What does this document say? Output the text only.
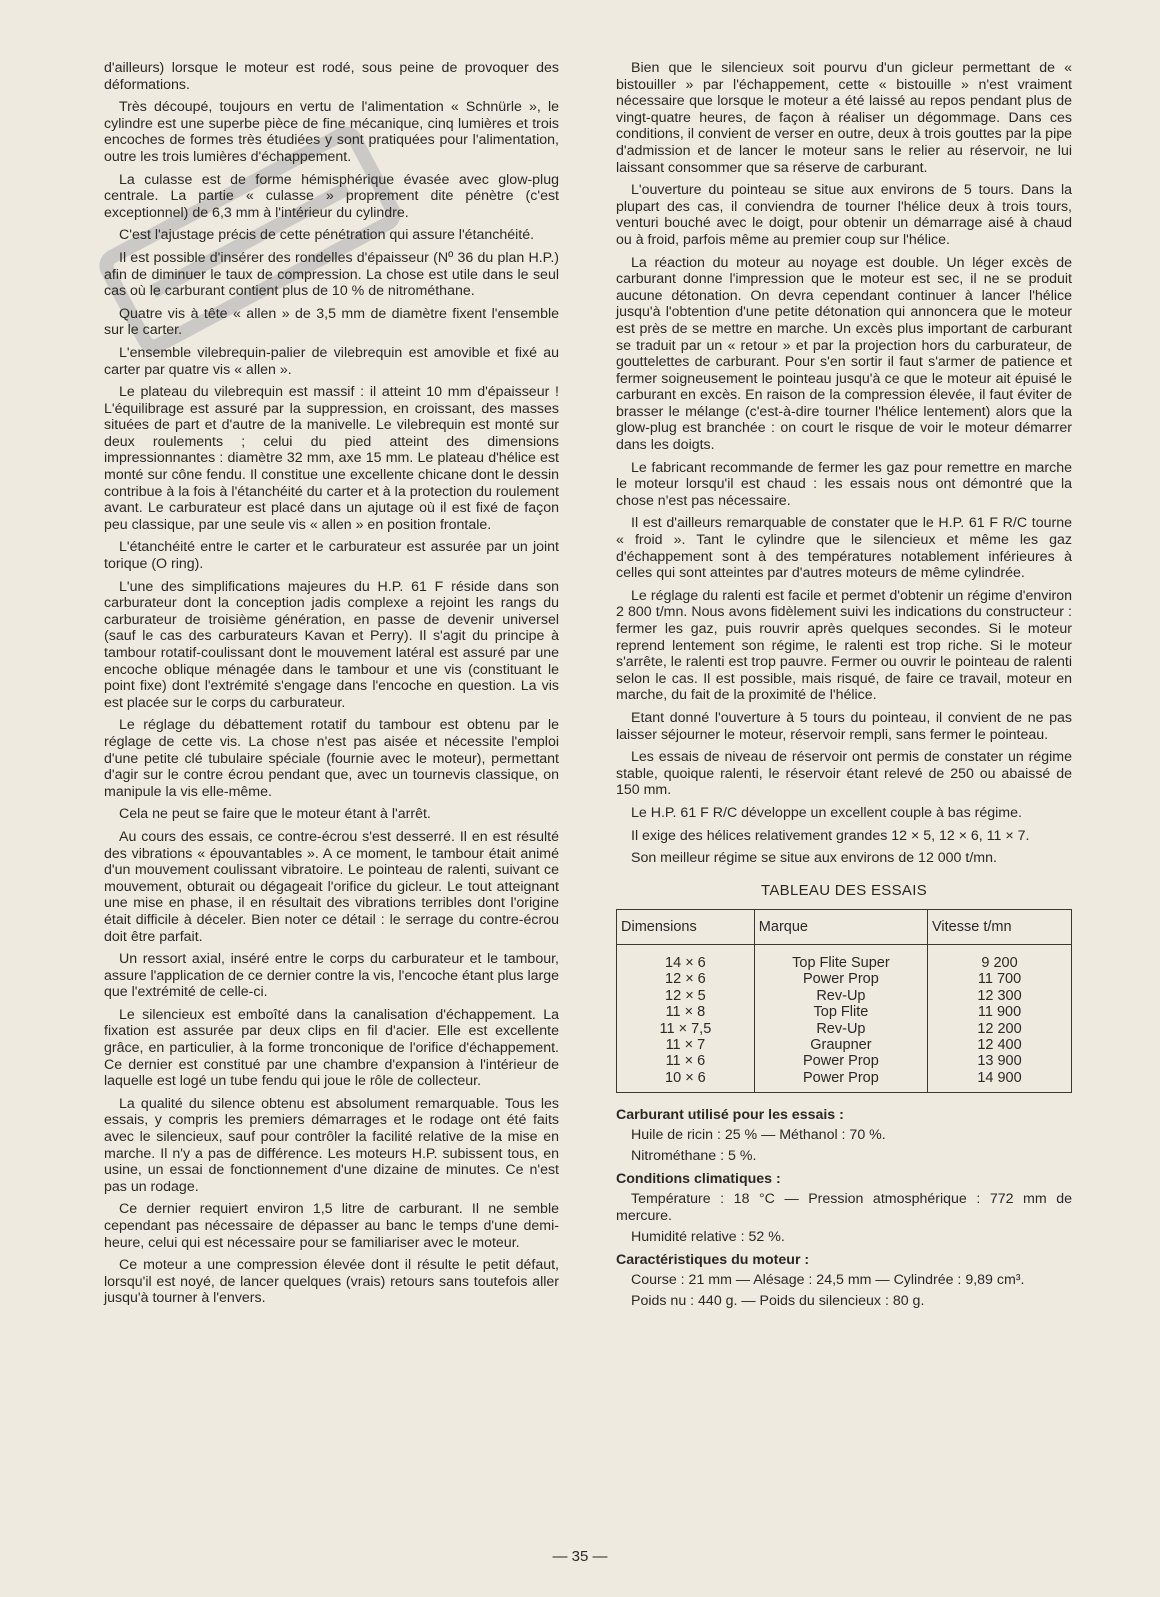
d'ailleurs) lorsque le moteur est rodé, sous peine de provoquer des déformations.

Très découpé, toujours en vertu de l'alimentation « Schnürle », le cylindre est une superbe pièce de fine mécanique, cinq lumières et trois encoches de formes très étudiées y sont pratiquées pour l'alimentation, outre les trois lumières d'échappement.

La culasse est de forme hémisphérique évasée avec glow-plug centrale. La partie « culasse » proprement dite pénètre (c'est exceptionnel) de 6,3 mm à l'intérieur du cylindre.

C'est l'ajustage précis de cette pénétration qui assure l'étanchéité.

Il est possible d'insérer des rondelles d'épaisseur (Nº 36 du plan H.P.) afin de diminuer le taux de compression. La chose est utile dans le seul cas où le carburant contient plus de 10 % de nitrométhane.

Quatre vis à tête « allen » de 3,5 mm de diamètre fixent l'ensemble sur le carter.

L'ensemble vilebrequin-palier de vilebrequin est amovible et fixé au carter par quatre vis « allen ».

Le plateau du vilebrequin est massif : il atteint 10 mm d'épaisseur ! L'équilibrage est assuré par la suppression, en croissant, des masses situées de part et d'autre de la manivelle. Le vilebrequin est monté sur deux roulements ; celui du pied atteint des dimensions impressionnantes : diamètre 32 mm, axe 15 mm. Le plateau d'hélice est monté sur cône fendu. Il constitue une excellente chicane dont le dessin contribue à la fois à l'étanchéité du carter et à la protection du roulement avant. Le carburateur est placé dans un ajutage où il est fixé de façon peu classique, par une seule vis « allen » en position frontale.

L'étanchéité entre le carter et le carburateur est assurée par un joint torique (O ring).

L'une des simplifications majeures du H.P. 61 F réside dans son carburateur dont la conception jadis complexe a rejoint les rangs du carburateur de troisième génération, en passe de devenir universel (sauf le cas des carburateurs Kavan et Perry). Il s'agit du principe à tambour rotatif-coulissant dont le mouvement latéral est assuré par une encoche oblique ménagée dans le tambour et une vis (constituant le point fixe) dont l'extrémité s'engage dans l'encoche en question. La vis est placée sur le corps du carburateur.

Le réglage du débattement rotatif du tambour est obtenu par le réglage de cette vis. La chose n'est pas aisée et nécessite l'emploi d'une petite clé tubulaire spéciale (fournie avec le moteur), permettant d'agir sur le contre écrou pendant que, avec un tournevis classique, on manipule la vis elle-même.

Cela ne peut se faire que le moteur étant à l'arrêt.

Au cours des essais, ce contre-écrou s'est desserré. Il en est résulté des vibrations « épouvantables ». A ce moment, le tambour était animé d'un mouvement coulissant vibratoire. Le pointeau de ralenti, suivant ce mouvement, obturait ou dégageait l'orifice du gicleur. Le tout atteignant une mise en phase, il en résultait des vibrations terribles dont l'origine était difficile à déceler. Bien noter ce détail : le serrage du contre-écrou doit être parfait.

Un ressort axial, inséré entre le corps du carburateur et le tambour, assure l'application de ce dernier contre la vis, l'encoche étant plus large que l'extrémité de celle-ci.

Le silencieux est emboîté dans la canalisation d'échappement. La fixation est assurée par deux clips en fil d'acier. Elle est excellente grâce, en particulier, à la forme tronconique de l'orifice d'échappement. Ce dernier est constitué par une chambre d'expansion à l'intérieur de laquelle est logé un tube fendu qui joue le rôle de collecteur.

La qualité du silence obtenu est absolument remarquable. Tous les essais, y compris les premiers démarrages et le rodage ont été faits avec le silencieux, sauf pour contrôler la facilité relative de la mise en marche. Il n'y a pas de différence. Les moteurs H.P. subissent tous, en usine, un essai de fonctionnement d'une dizaine de minutes. Ce n'est pas un rodage.

Ce dernier requiert environ 1,5 litre de carburant. Il ne semble cependant pas nécessaire de dépasser au banc le temps d'une demi-heure, celui qui est nécessaire pour se familiariser avec le moteur.

Ce moteur a une compression élevée dont il résulte le petit défaut, lorsqu'il est noyé, de lancer quelques (vrais) retours sans toutefois aller jusqu'à tourner à l'envers.

Bien que le silencieux soit pourvu d'un gicleur permettant de « bistouiller » par l'échappement, cette « bistouille » n'est vraiment nécessaire que lorsque le moteur a été laissé au repos pendant plus de vingt-quatre heures, de façon à réaliser un dégommage. Dans ces conditions, il convient de verser en outre, deux à trois gouttes par la pipe d'admission et de lancer le moteur sans le relier au réservoir, ne lui laissant consommer que sa réserve de carburant.

L'ouverture du pointeau se situe aux environs de 5 tours. Dans la plupart des cas, il conviendra de tourner l'hélice deux à trois tours, venturi bouché avec le doigt, pour obtenir un démarrage aisé à chaud ou à froid, parfois même au premier coup sur l'hélice.

La réaction du moteur au noyage est double. Un léger excès de carburant donne l'impression que le moteur est sec, il ne se produit aucune détonation. On devra cependant continuer à lancer l'hélice jusqu'à l'obtention d'une petite détonation qui annoncera que le moteur est près de se mettre en marche. Un excès plus important de carburant se traduit par un « retour » et par la projection hors du carburateur, de gouttelettes de carburant. Pour s'en sortir il faut s'armer de patience et fermer soigneusement le pointeau jusqu'à ce que le moteur ait épuisé le carburant en excès. En raison de la compression élevée, il faut éviter de brasser le mélange (c'est-à-dire tourner l'hélice lentement) alors que la glow-plug est branchée : on court le risque de voir le moteur démarrer dans les doigts.

Le fabricant recommande de fermer les gaz pour remettre en marche le moteur lorsqu'il est chaud : les essais nous ont démontré que la chose n'est pas nécessaire.

Il est d'ailleurs remarquable de constater que le H.P. 61 F R/C tourne « froid ». Tant le cylindre que le silencieux et même les gaz d'échappement sont à des températures notablement inférieures à celles qui sont atteintes par d'autres moteurs de même cylindrée.

Le réglage du ralenti est facile et permet d'obtenir un régime d'environ 2 800 t/mn. Nous avons fidèlement suivi les indications du constructeur : fermer les gaz, puis rouvrir après quelques secondes. Si le moteur reprend lentement son régime, le ralenti est trop riche. Si le moteur s'arrête, le ralenti est trop pauvre. Fermer ou ouvrir le pointeau de ralenti selon le cas. Il est possible, mais risqué, de faire ce travail, moteur en marche, du fait de la proximité de l'hélice.

Etant donné l'ouverture à 5 tours du pointeau, il convient de ne pas laisser séjourner le moteur, réservoir rempli, sans fermer le pointeau.

Les essais de niveau de réservoir ont permis de constater un régime stable, quoique ralenti, le réservoir étant relevé de 250 ou abaissé de 150 mm.

Le H.P. 61 F R/C développe un excellent couple à bas régime.

Il exige des hélices relativement grandes 12 × 5, 12 × 6, 11 × 7.

Son meilleur régime se situe aux environs de 12 000 t/mn.

TABLEAU DES ESSAIS
Dimensions	Marque	Vitesse t/mn
14 × 6	Top Flite Super	9 200
12 × 6	Power Prop	11 700
12 × 5	Rev-Up	12 300
11 × 8	Top Flite	11 900
11 × 7,5	Rev-Up	12 200
11 × 7	Graupner	12 400
11 × 6	Power Prop	13 900
10 × 6	Power Prop	14 900
Carburant utilisé pour les essais :
Huile de ricin : 25 % — Méthanol : 70 %.
Nitrométhane : 5 %.
Conditions climatiques :
Température : 18 °C — Pression atmosphérique : 772 mm de mercure.
Humidité relative : 52 %.
Caractéristiques du moteur :
Course : 21 mm — Alésage : 24,5 mm — Cylindrée : 9,89 cm³.
Poids nu : 440 g. — Poids du silencieux : 80 g.
— 35 —
